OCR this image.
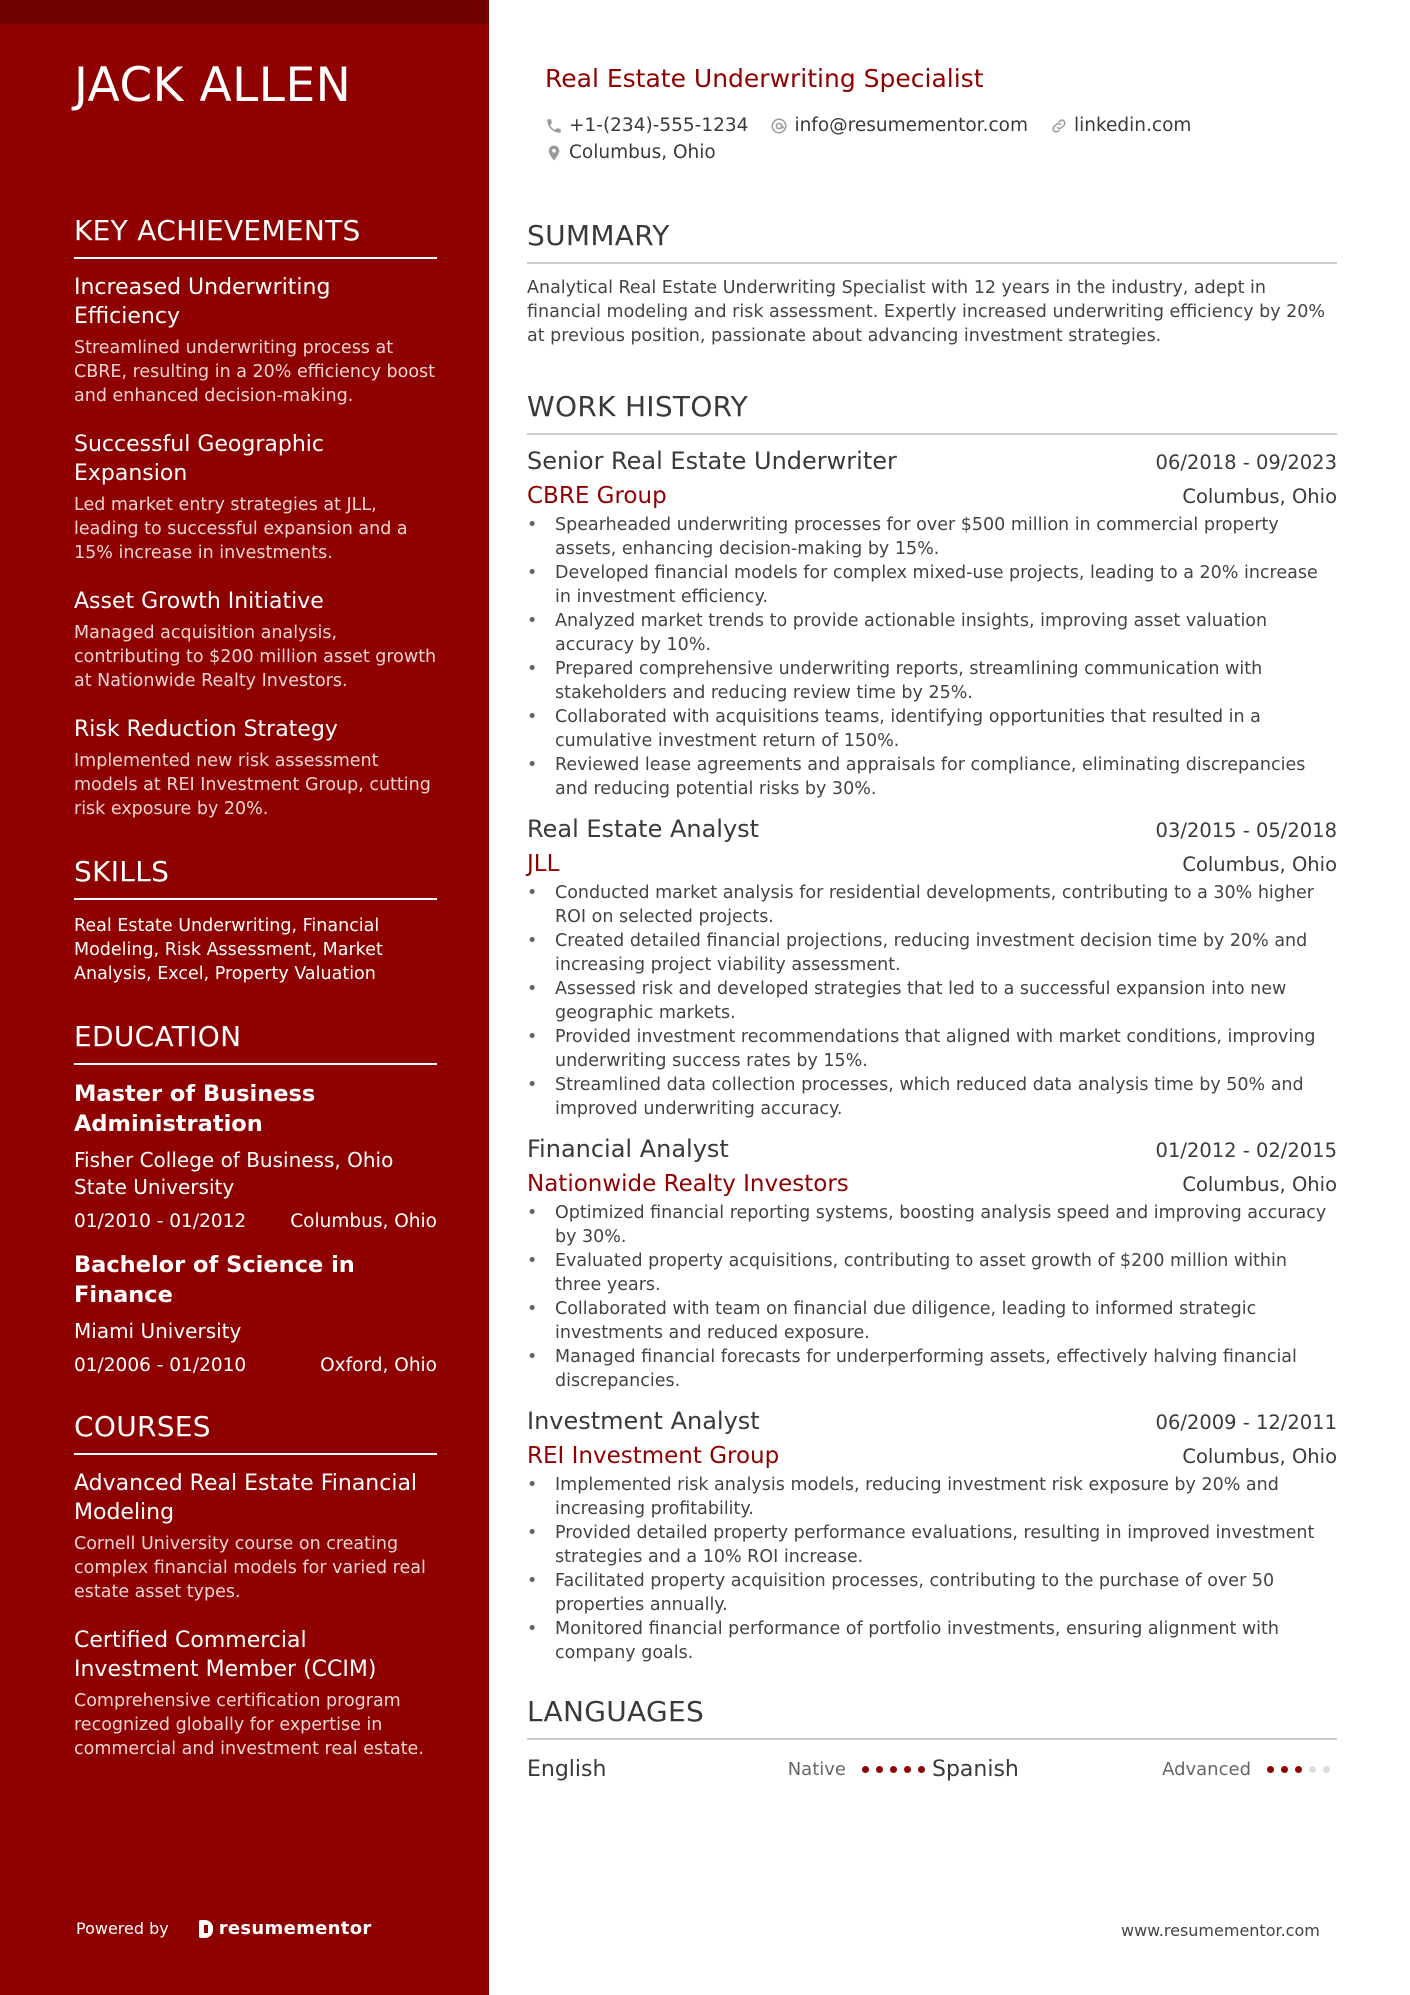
JACK ALLEN
KEY ACHIEVEMENTS
Increased Underwriting Efficiency
Streamlined underwriting process at CBRE, resulting in a 20% efficiency boost and enhanced decision-making.
Successful Geographic Expansion
Led market entry strategies at JLL, leading to successful expansion and a 15% increase in investments.
Asset Growth Initiative
Managed acquisition analysis, contributing to $200 million asset growth at Nationwide Realty Investors.
Risk Reduction Strategy
Implemented new risk assessment models at REI Investment Group, cutting risk exposure by 20%.
SKILLS
Real Estate Underwriting, Financial Modeling, Risk Assessment, Market Analysis, Excel, Property Valuation
EDUCATION
Master of Business Administration
Fisher College of Business, Ohio State University
01/2010 - 01/2012 Columbus, Ohio
Bachelor of Science in Finance
Miami University
01/2006 - 01/2010	Oxford, Ohio
COURSES
Advanced Real Estate Financial Modeling
Cornell University course on creating complex financial models for varied real estate asset types.
Certified Commercial Investment Member (CCIM)
Comprehensive certification program recognized globally for expertise in commercial and investment real estate.
Powered by	resumementor
Real Estate Underwriting Specialist
+1-(234)-555-1234 info@resumementor.com linkedin.com
Columbus, Ohio
SUMMARY
Analytical Real Estate Underwriting Specialist with 12 years in the industry, adept in financial modeling and risk assessment. Expertly increased underwriting efficiency by 20% at previous position, passionate about advancing investment strategies.
WORK HISTORY
Senior Real Estate Underwriter	06/2018 - 09/2023
CBRE Group	Columbus, Ohio
• Spearheaded underwriting processes for over $500 million in commercial property assets, enhancing decision-making by 15%.
• Developed financial models for complex mixed-use projects, leading to a 20% increase in investment efficiency.
• Analyzed market trends to provide actionable insights, improving asset valuation accuracy by 10%.
• Prepared comprehensive underwriting reports, streamlining communication with stakeholders and reducing review time by 25%.
• Collaborated with acquisitions teams, identifying opportunities that resulted in a cumulative investment return of 150%.
• Reviewed lease agreements and appraisals for compliance, eliminating discrepancies and reducing potential risks by 30%.
Real Estate Analyst	03/2015 - 05/2018
JLL	Columbus, Ohio
• Conducted market analysis for residential developments, contributing to a 30% higher ROI on selected projects.
• Created detailed financial projections, reducing investment decision time by 20% and increasing project viability assessment.
• Assessed risk and developed strategies that led to a successful expansion into new geographic markets.
• Provided investment recommendations that aligned with market conditions, improving underwriting success rates by 15%.
• Streamlined data collection processes, which reduced data analysis time by 50% and improved underwriting accuracy.
Financial Analyst	01/2012 - 02/2015
Nationwide Realty Investors	Columbus, Ohio
• Optimized financial reporting systems, boosting analysis speed and improving accuracy by 30%.
• Evaluated property acquisitions, contributing to asset growth of $200 million within three years.
• Collaborated with team on financial due diligence, leading to informed strategic investments and reduced exposure.
• Managed financial forecasts for underperforming assets, effectively halving financial discrepancies.
Investment Analyst	06/2009 - 12/2011
REI Investment Group	Columbus, Ohio
• Implemented risk analysis models, reducing investment risk exposure by 20% and increasing profitability.
• Provided detailed property performance evaluations, resulting in improved investment strategies and a 10% ROI increase.
• Facilitated property acquisition processes, contributing to the purchase of over 50 properties annually.
• Monitored financial performance of portfolio investments, ensuring alignment with company goals.
LANGUAGES
English	Native	Spanish	Advanced
www.resumementor.com
